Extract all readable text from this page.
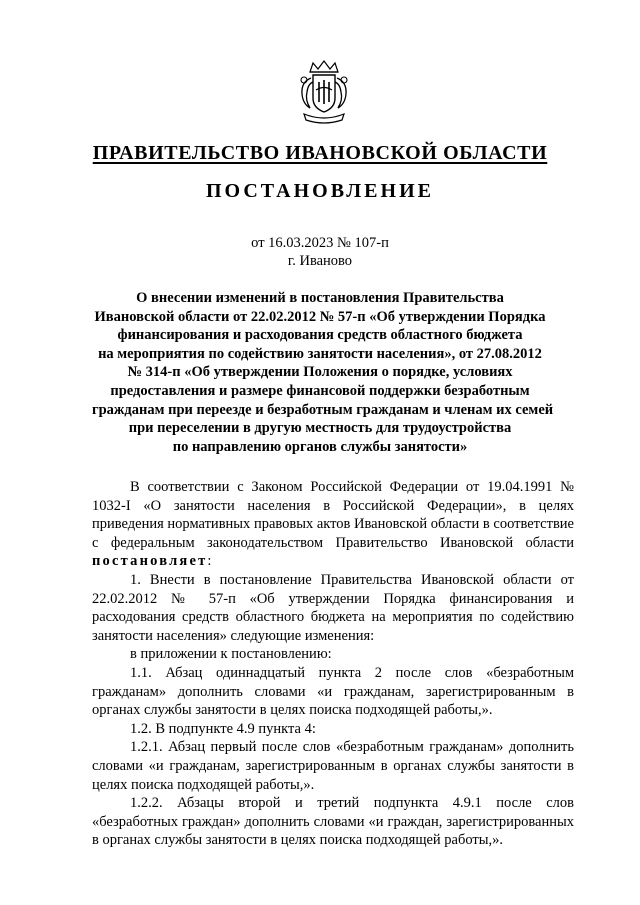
ПРАВИТЕЛЬСТВО ИВАНОВСКОЙ ОБЛАСТИ
ПОСТАНОВЛЕНИЕ
от 16.03.2023 № 107-п
г. Иваново
О внесении изменений в постановления Правительства
Ивановской области от 22.02.2012 № 57-п «Об утверждении Порядка
финансирования и расходования средств областного бюджета
на мероприятия по содействию занятости населения», от 27.08.2012
№ 314-п «Об утверждении Положения о порядке, условиях
предоставления и размере финансовой поддержки безработным
гражданам при переезде и безработным гражданам и членам их семей
при переселении в другую местность для трудоустройства
по направлению органов службы занятости»

В соответствии с Законом Российской Федерации от 19.04.1991 № 1032-I «О занятости населения в Российской Федерации», в целях приведения нормативных правовых актов Ивановской области в соответствие с федеральным законодательством Правительство Ивановской области постановляет:

1. Внести в постановление Правительства Ивановской области от 22.02.2012 № 57-п «Об утверждении Порядка финансирования и расходования средств областного бюджета на мероприятия по содействию занятости населения» следующие изменения:

в приложении к постановлению:

1.1. Абзац одиннадцатый пункта 2 после слов «безработным гражданам» дополнить словами «и гражданам, зарегистрированным в органах службы занятости в целях поиска подходящей работы,».

1.2. В подпункте 4.9 пункта 4:

1.2.1. Абзац первый после слов «безработным гражданам» дополнить словами «и гражданам, зарегистрированным в органах службы занятости в целях поиска подходящей работы,».

1.2.2. Абзацы второй и третий подпункта 4.9.1 после слов «безработных граждан» дополнить словами «и граждан, зарегистрированных в органах службы занятости в целях поиска подходящей работы,».
